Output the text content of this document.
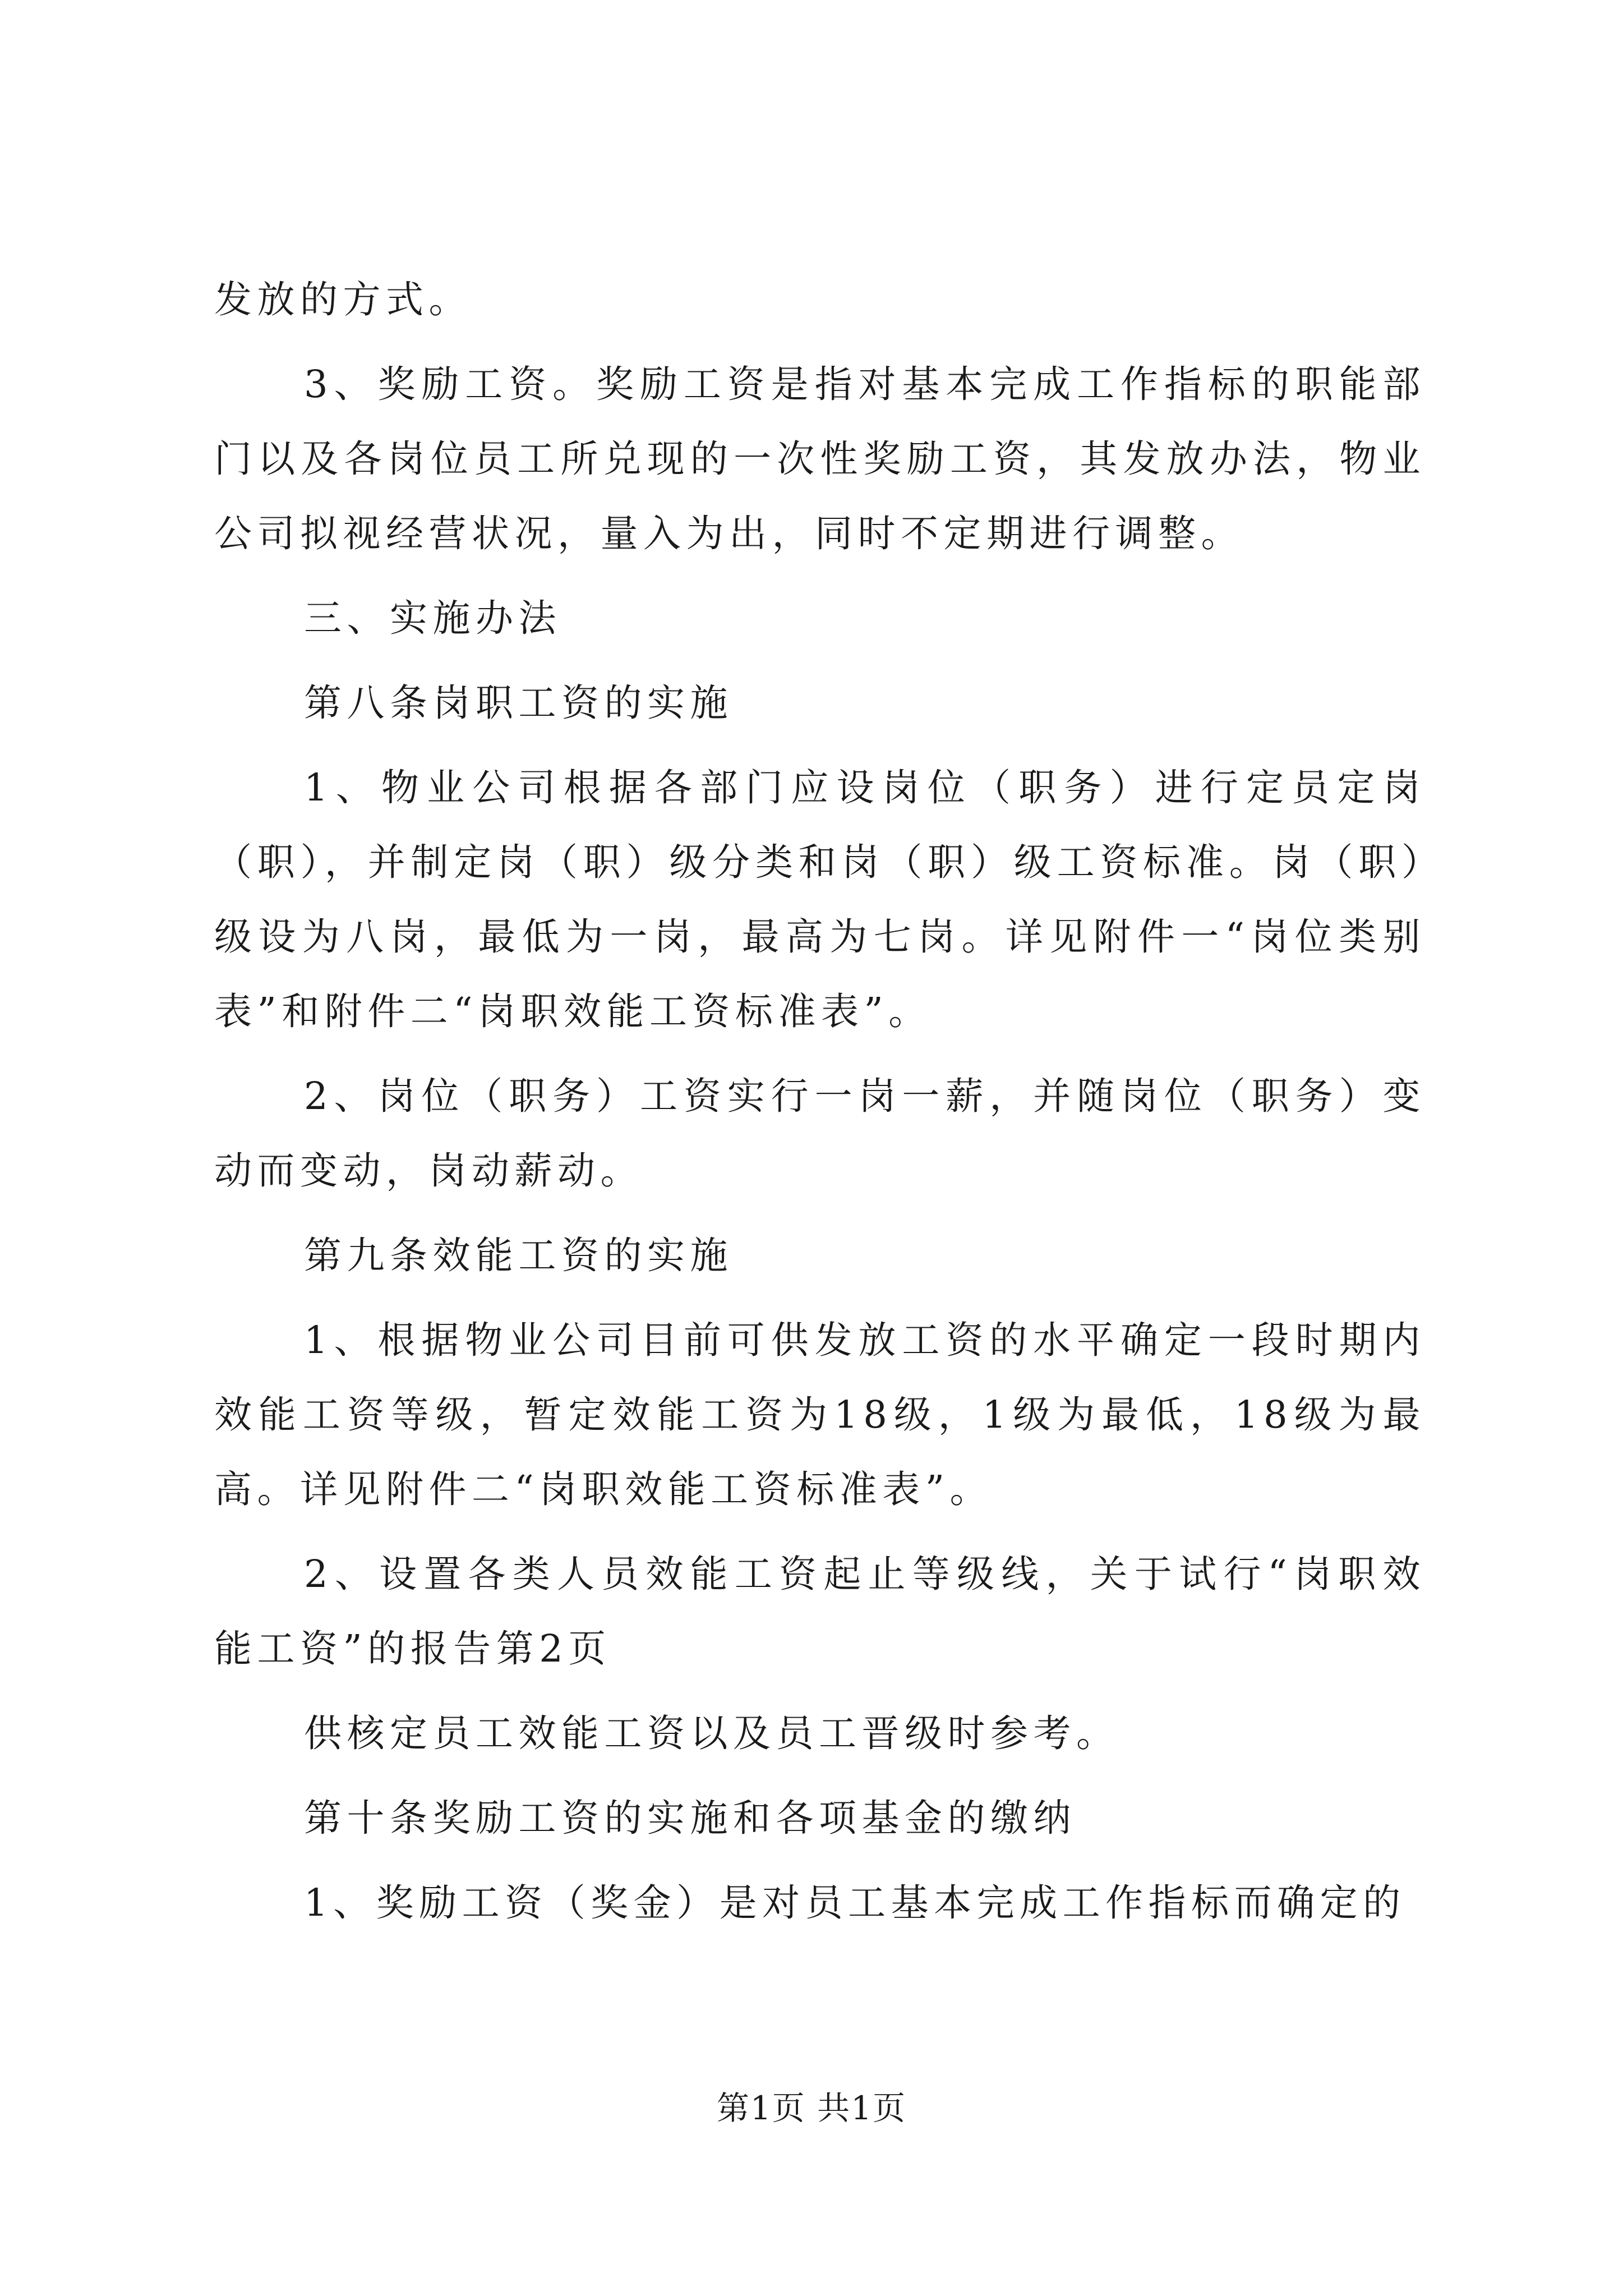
发放的方式。

3、奖励工资。奖励工资是指对基本完成工作指标的职能部门以及各岗位员工所兑现的一次性奖励工资，其发放办法，物业公司拟视经营状况，量入为出，同时不定期进行调整。

三、实施办法

第八条岗职工资的实施

1、物业公司根据各部门应设岗位（职务）进行定员定岗（职），并制定岗（职）级分类和岗（职）级工资标准。岗（职）级设为八岗，最低为一岗，最高为七岗。详见附件一“岗位类别表”和附件二“岗职效能工资标准表”。

2、岗位（职务）工资实行一岗一薪，并随岗位（职务）变动而变动，岗动薪动。

第九条效能工资的实施

1、根据物业公司目前可供发放工资的水平确定一段时期内效能工资等级，暂定效能工资为18级，1级为最低，18级为最高。详见附件二“岗职效能工资标准表”。

2、设置各类人员效能工资起止等级线，关于试行“岗职效能工资”的报告第2页

供核定员工效能工资以及员工晋级时参考。

第十条奖励工资的实施和各项基金的缴纳

1、奖励工资（奖金）是对员工基本完成工作指标而确定的

第1页 共1页
